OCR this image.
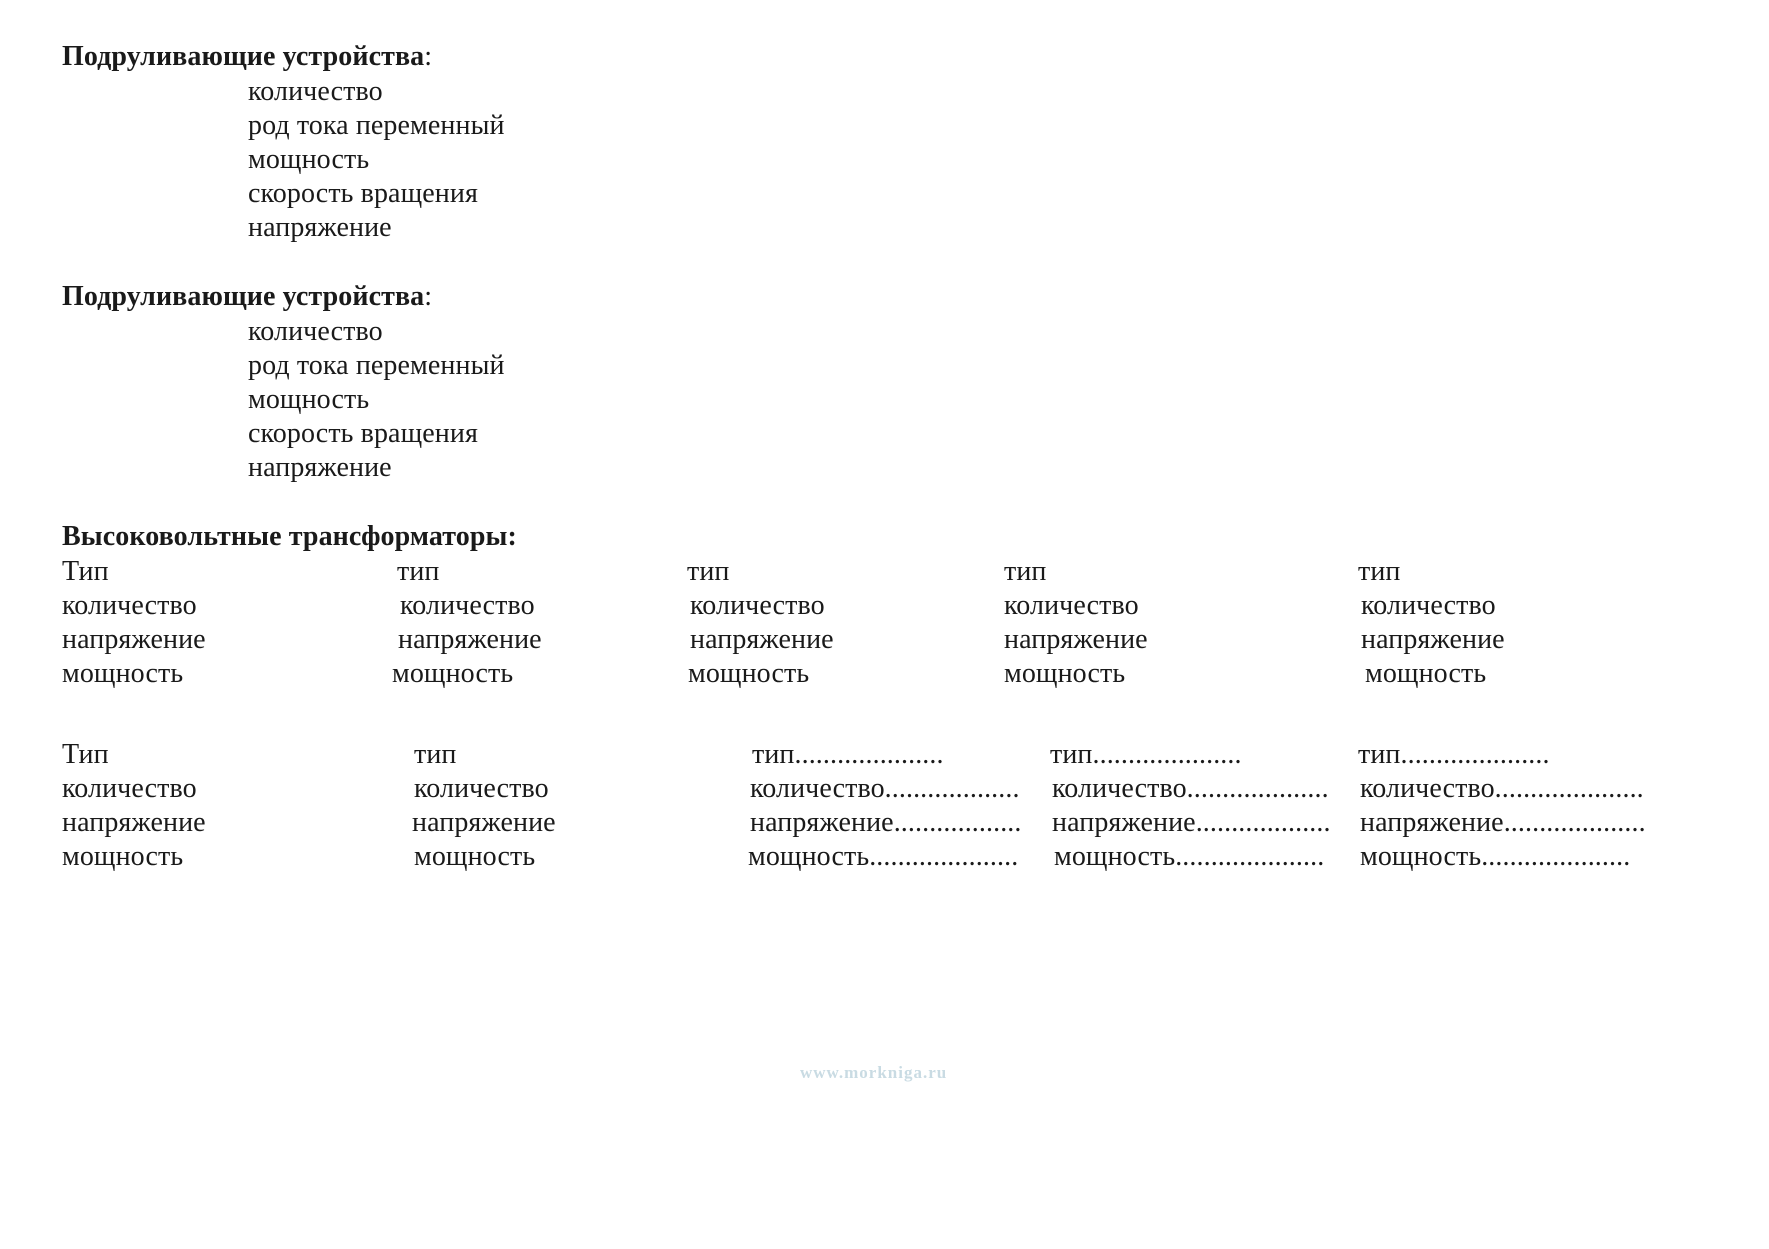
Подруливающие устройства:
количество
род тока переменный
мощность
скорость вращения
напряжение
Подруливающие устройства:
количество
род тока переменный
мощность
скорость вращения
напряжение
Высоковольтные трансформаторы:
Тип
количество
напряжение
мощность
тип
количество
напряжение
мощность
тип
количество
напряжение
мощность
тип
количество
напряжение
мощность
тип
количество
напряжение
мощность
Тип
количество
напряжение
мощность
тип
количество
напряжение
мощность
тип.....................
количество...................
напряжение..................
мощность.....................
тип.....................
количество....................
напряжение...................
мощность.....................
тип.....................
количество.....................
напряжение....................
мощность.....................
www.morkniga.ru
